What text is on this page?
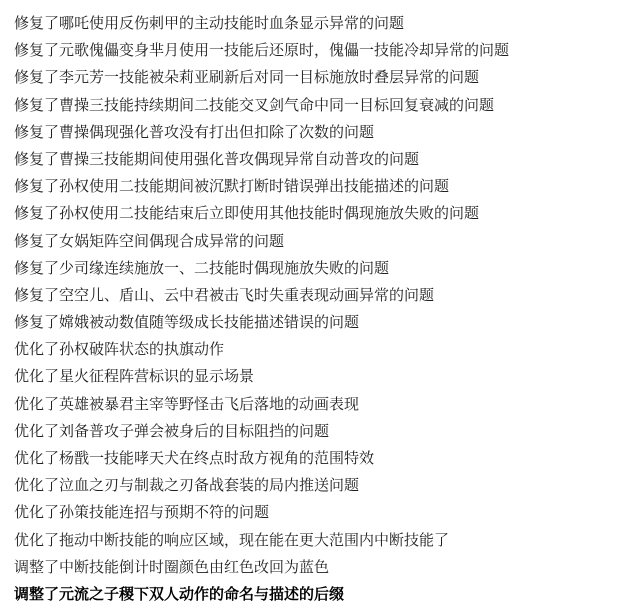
修复了哪吒使用反伤刺甲的主动技能时血条显示异常的问题
修复了元歌傀儡变身芈月使用一技能后还原时，傀儡一技能冷却异常的问题
修复了李元芳一技能被朵莉亚刷新后对同一目标施放时叠层异常的问题
修复了曹操三技能持续期间二技能交叉剑气命中同一目标回复衰减的问题
修复了曹操偶现强化普攻没有打出但扣除了次数的问题
修复了曹操三技能期间使用强化普攻偶现异常自动普攻的问题
修复了孙权使用二技能期间被沉默打断时错误弹出技能描述的问题
修复了孙权使用二技能结束后立即使用其他技能时偶现施放失败的问题
修复了女娲矩阵空间偶现合成异常的问题
修复了少司缘连续施放一、二技能时偶现施放失败的问题
修复了空空儿、盾山、云中君被击飞时失重表现动画异常的问题
修复了嫦娥被动数值随等级成长技能描述错误的问题
优化了孙权破阵状态的执旗动作
优化了星火征程阵营标识的显示场景
优化了英雄被暴君主宰等野怪击飞后落地的动画表现
优化了刘备普攻子弹会被身后的目标阻挡的问题
优化了杨戬一技能哮天犬在终点时敌方视角的范围特效
优化了泣血之刃与制裁之刃备战套装的局内推送问题
优化了孙策技能连招与预期不符的问题
优化了拖动中断技能的响应区域，现在能在更大范围内中断技能了
调整了中断技能倒计时圈颜色由红色改回为蓝色
调整了元流之子稷下双人动作的命名与描述的后缀
